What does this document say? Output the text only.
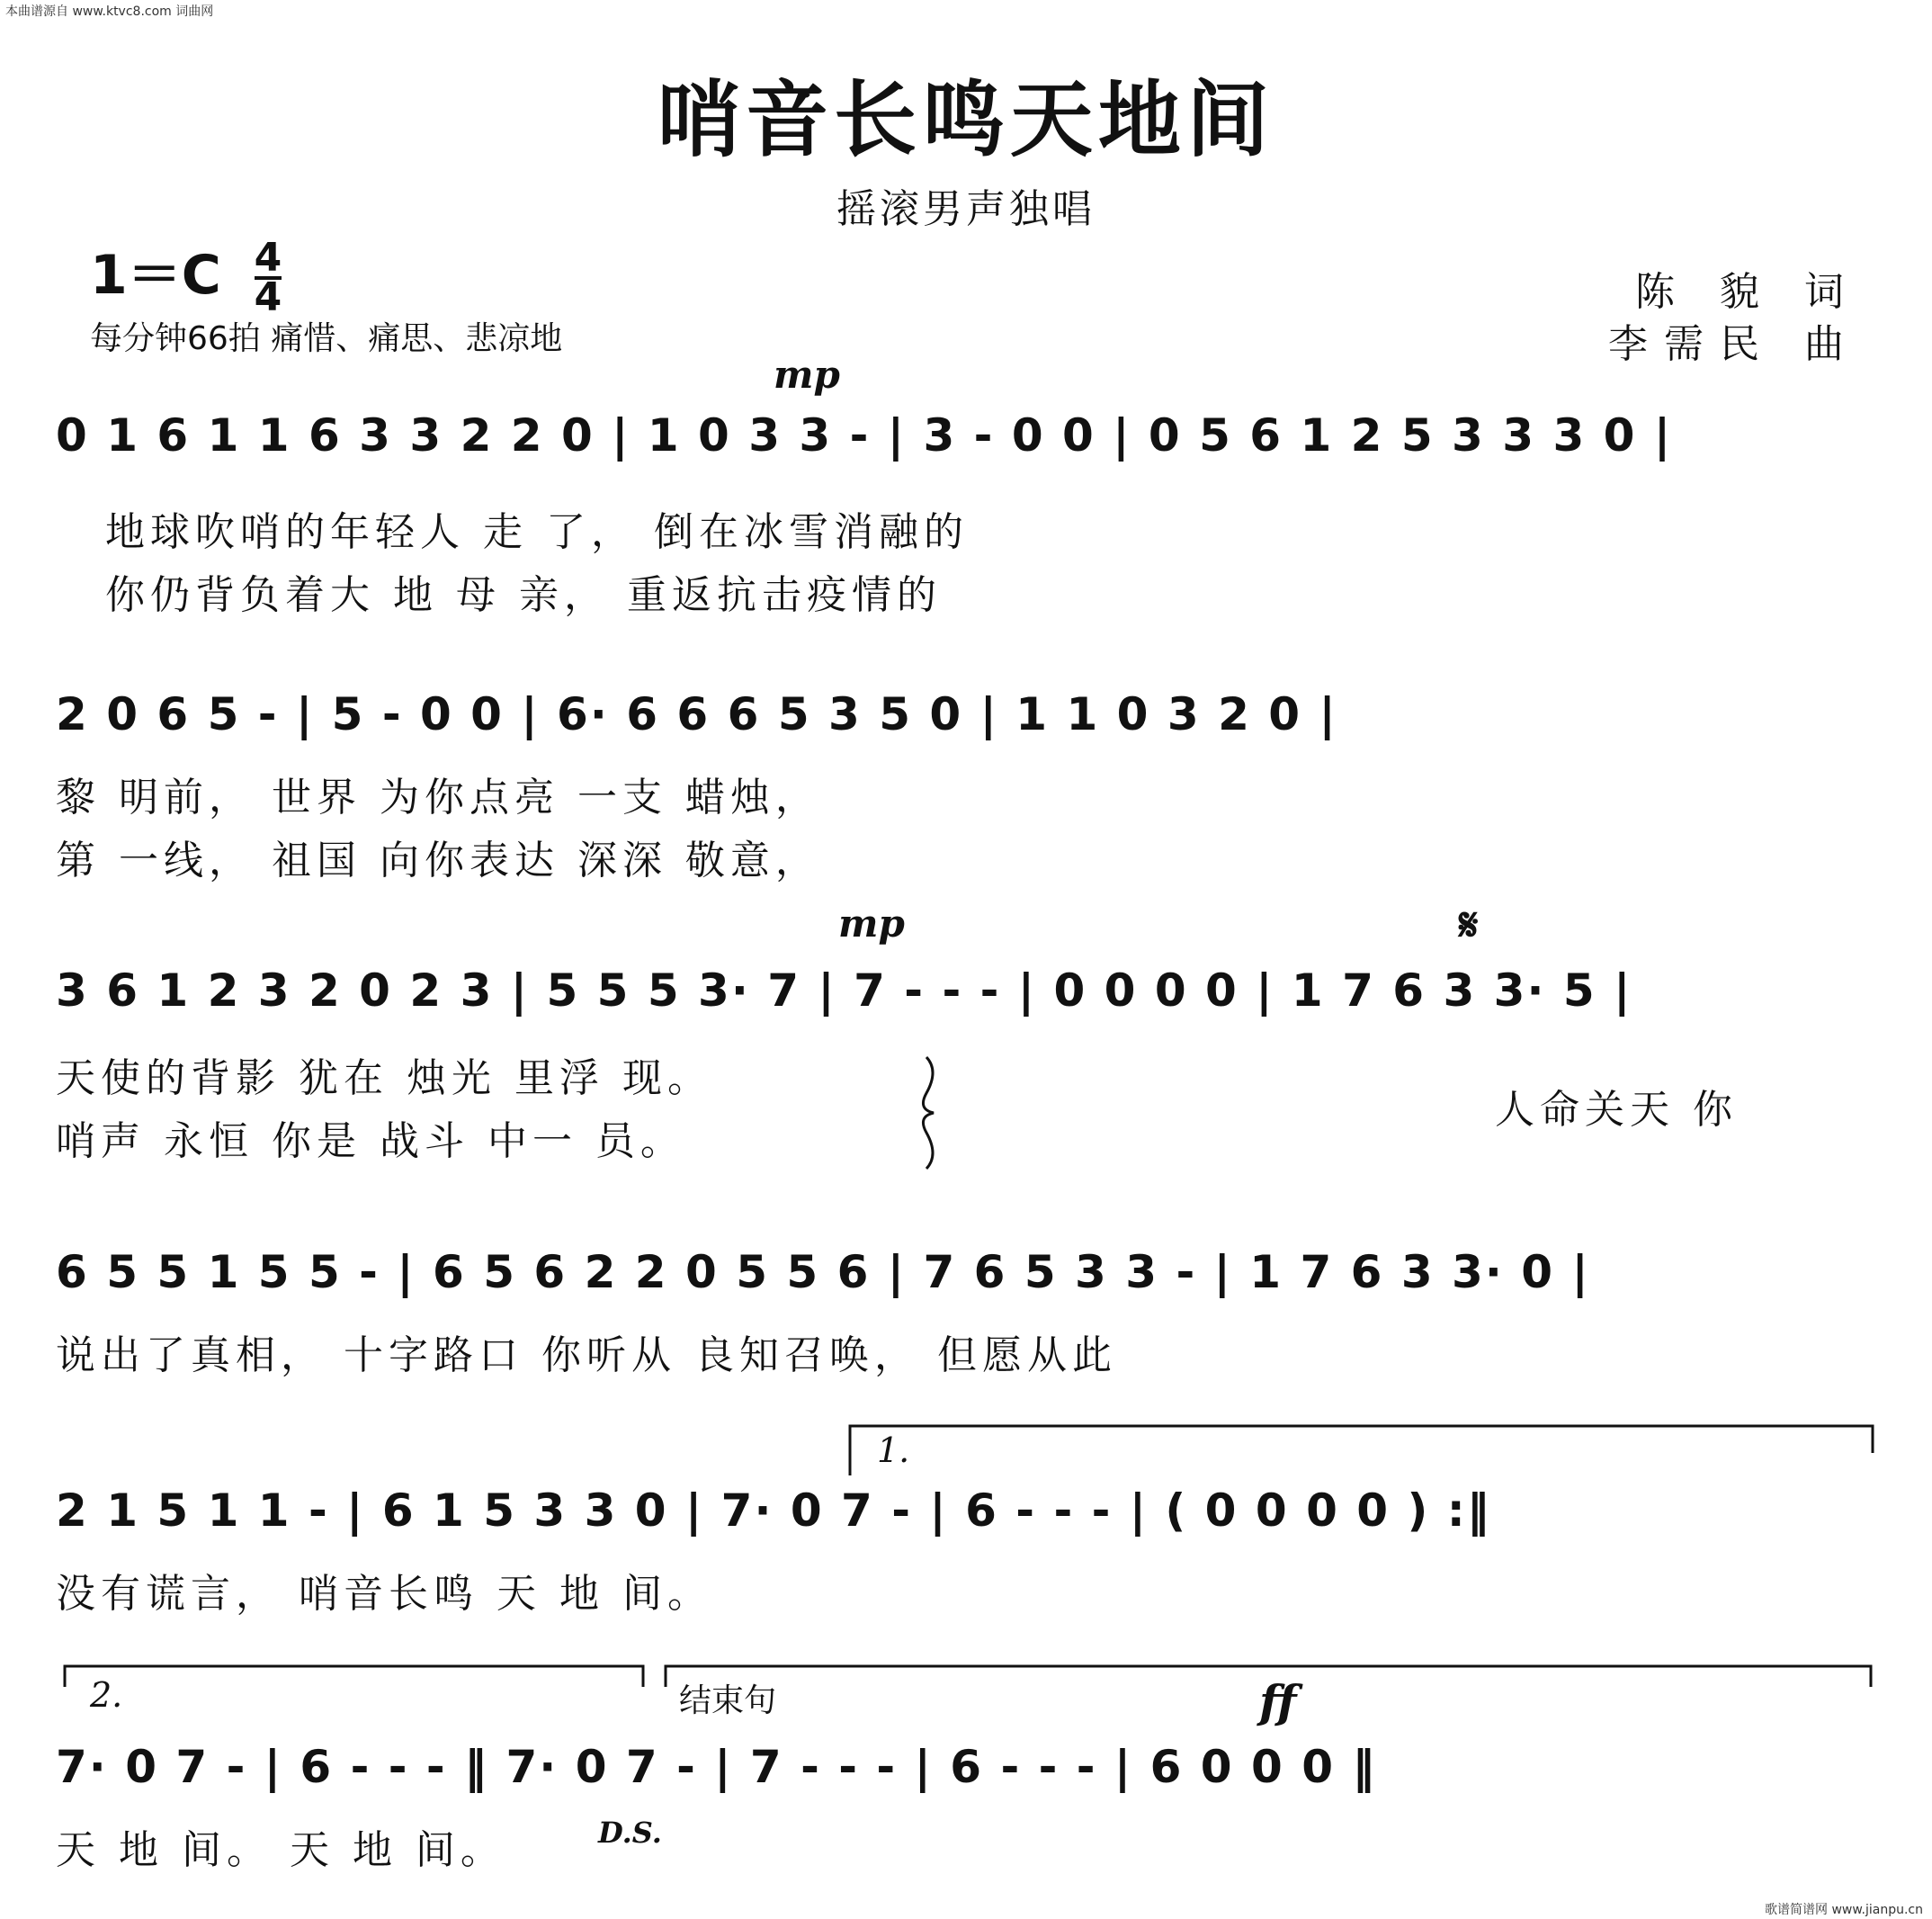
本曲谱源自 www.ktvc8.com 词曲网
歌谱简谱网 www.jianpu.cn
哨音长鸣天地间
摇滚男声独唱
$1=C \frac{4}{4}$
每分钟66拍 痛惜、痛思、悲凉地
陈 貌 词
李需民 曲
0 1 6 1 1 6 3 3 2 2 0 | 1 0 3 3 - | 3 - 0 0 | 0 5 6 1 2 5 3 3 3 0 |
地球吹哨的年轻人 走 了， 倒在冰雪消融的
你仍背负着大 地 母 亲， 重返抗击疫情的
mp
2 0 6 5 - | 5 - 0 0 | 6· 6 6 6 5 3 5 0 | 1 1 0 3 2 0 |
黎 明前， 世界 为你点亮 一支 蜡烛，
第 一线， 祖国 向你表达 深深 敬意，
3 6 1 2 3 2 0 2 3 | 5 5 5 3· 7 | 7 - - - | 0 0 0 0 | 1 7 6 3 3· 5 |
天使的背影 犹在 烛光 里浮 现。
哨声 永恒 你是 战斗 中一 员。
人命关天 你
mp	𝄋
6 5 5 1 5 5 - | 6 5 6 2 2 0 5 5 6 | 7 6 5 3 3 - | 1 7 6 3 3· 0 |
说出了真相， 十字路口 你听从 良知召唤， 但愿从此
2 1 5 1 1 - | 6 1 5 3 3 0 | 7· 0 7 - | 6 - - - | ( 0 0 0 0 ) :‖
没有谎言， 哨音长鸣 天 地 间。
1.
7· 0 7 - | 6 - - - ‖ 7· 0 7 - | 7 - - - | 6 - - - | 6 0 0 0 ‖
天 地 间。 天 地 间。
2.	结束句	ff
D.S.
